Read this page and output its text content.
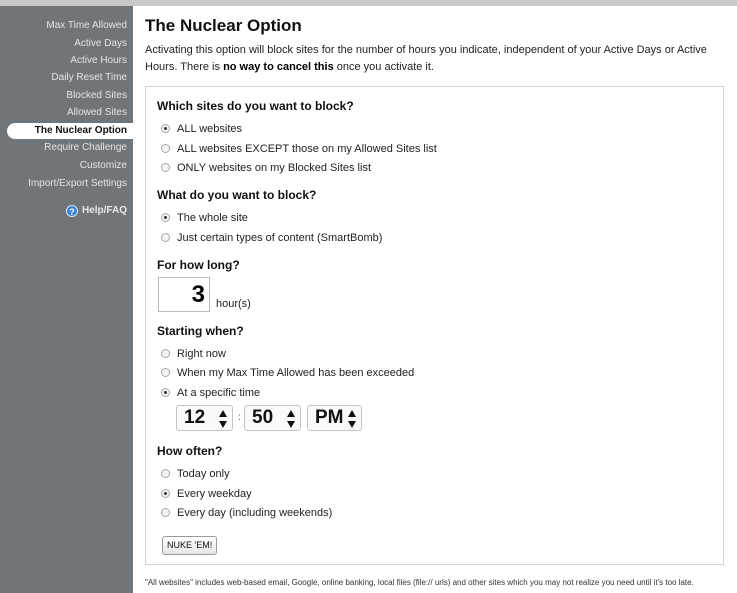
Max Time Allowed
Active Days
Active Hours
Daily Reset Time
Blocked Sites
Allowed Sites
The Nuclear Option
Require Challenge
Customize
Import/Export Settings
? Help/FAQ
The Nuclear Option
Activating this option will block sites for the number of hours you indicate, independent of your Active Days or Active Hours. There is no way to cancel this once you activate it.
Which sites do you want to block?
ALL websites
ALL websites EXCEPT those on my Allowed Sites list
ONLY websites on my Blocked Sites list
What do you want to block?
The whole site
Just certain types of content (SmartBomb)
For how long?
3 hour(s)
Starting when?
Right now
When my Max Time Allowed has been exceeded
At a specific time
12	: 50	PM
How often?
Today only
Every weekday
Every day (including weekends)
NUKE 'EM!
"All websites" includes web-based email, Google, online banking, local files (file:// urls) and other sites which you may not realize you need until it's too late.
